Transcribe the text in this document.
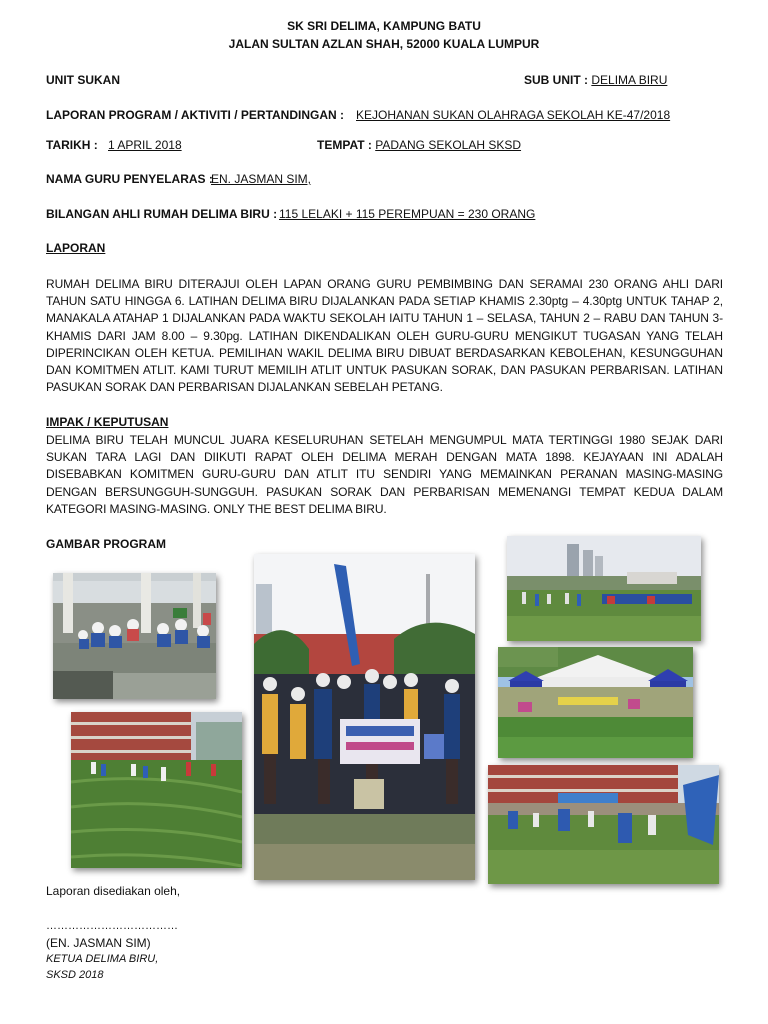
SK SRI DELIMA, KAMPUNG BATU
JALAN SULTAN AZLAN SHAH, 52000 KUALA LUMPUR
UNIT SUKAN	SUB UNIT : DELIMA BIRU
LAPORAN PROGRAM / AKTIVITI / PERTANDINGAN : KEJOHANAN SUKAN OLAHRAGA SEKOLAH KE-47/2018
TARIKH : 1 APRIL 2018	TEMPAT : PADANG SEKOLAH SKSD
NAMA GURU PENYELARAS :
EN. JASMAN SIM,
BILANGAN AHLI RUMAH DELIMA BIRU : 115 LELAKI + 115 PEREMPUAN = 230 ORANG
LAPORAN
RUMAH DELIMA BIRU DITERAJUI OLEH LAPAN ORANG GURU PEMBIMBING DAN SERAMAI 230 ORANG AHLI DARI TAHUN SATU HINGGA 6. LATIHAN DELIMA BIRU DIJALANKAN PADA SETIAP KHAMIS 2.30ptg – 4.30ptg UNTUK TAHAP 2, MANAKALA ATAHAP 1 DIJALANKAN PADA WAKTU SEKOLAH IAITU TAHUN 1 – SELASA, TAHUN 2 – RABU DAN TAHUN 3- KHAMIS DARI JAM 8.00 – 9.30pg. LATIHAN DIKENDALIKAN OLEH GURU-GURU MENGIKUT TUGASAN YANG TELAH DIPERINCIKAN OLEH KETUA. PEMILIHAN WAKIL DELIMA BIRU DIBUAT BERDASARKAN KEBOLEHAN, KESUNGGUHAN DAN KOMITMEN ATLIT. KAMI TURUT MEMILIH ATLIT UNTUK PASUKAN SORAK, DAN PASUKAN PERBARISAN. LATIHAN PASUKAN SORAK DAN PERBARISAN DIJALANKAN SEBELAH PETANG.
IMPAK / KEPUTUSAN
DELIMA BIRU TELAH MUNCUL JUARA KESELURUHAN SETELAH MENGUMPUL MATA TERTINGGI 1980 SEJAK DARI SUKAN TARA LAGI DAN DIIKUTI RAPAT OLEH DELIMA MERAH DENGAN MATA 1898. KEJAYAAN INI ADALAH DISEBABKAN KOMITMEN GURU-GURU DAN ATLIT ITU SENDIRI YANG MEMAINKAN PERANAN MASING-MASING DENGAN BERSUNGGUH-SUNGGUH. PASUKAN SORAK DAN PERBARISAN MEMENANGI TEMPAT KEDUA DALAM KATEGORI MASING-MASING. ONLY THE BEST DELIMA BIRU.
GAMBAR PROGRAM
Laporan disediakan oleh,
………………………………
(EN. JASMAN SIM)
KETUA DELIMA BIRU,
SKSD 2018
